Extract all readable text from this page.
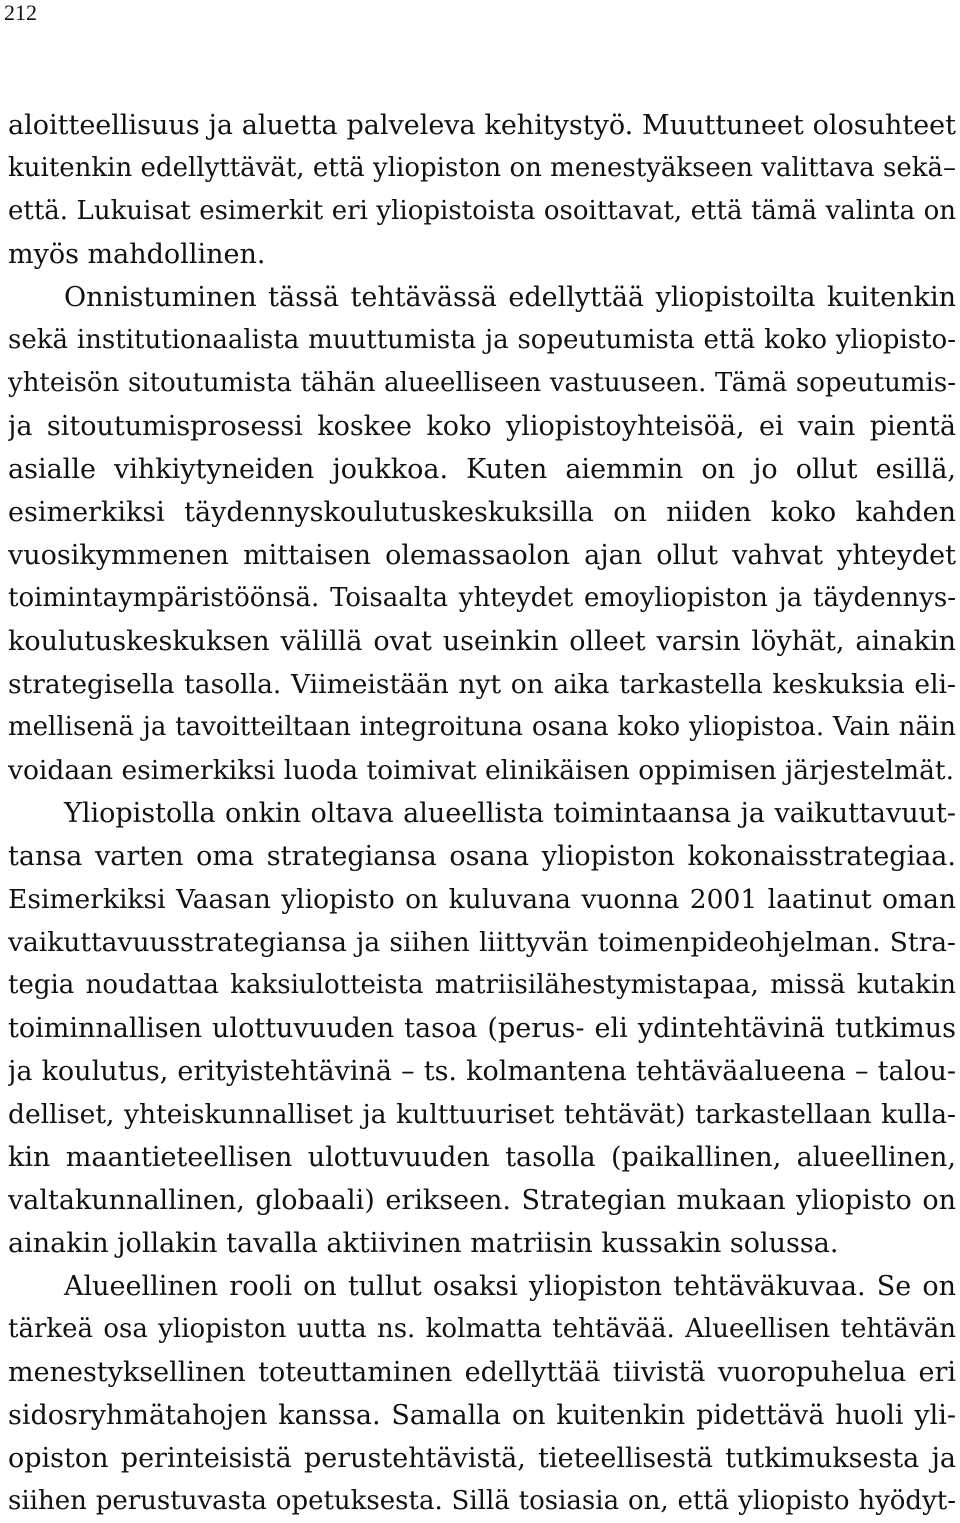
212
aloitteellisuus ja aluetta palveleva kehitystyö. Muuttuneet olosuhteet
kuitenkin edellyttävät, että yliopiston on menestyäkseen valittava sekä–
että. Lukuisat esimerkit eri yliopistoista osoittavat, että tämä valinta on
myös mahdollinen.
Onnistuminen tässä tehtävässä edellyttää yliopistoilta kuitenkin
sekä institutionaalista muuttumista ja sopeutumista että koko yliopisto-
yhteisön sitoutumista tähän alueelliseen vastuuseen. Tämä sopeutumis-
ja sitoutumisprosessi koskee koko yliopistoyhteisöä, ei vain pientä
asialle vihkiytyneiden joukkoa. Kuten aiemmin on jo ollut esillä,
esimerkiksi täydennyskoulutuskeskuksilla on niiden koko kahden
vuosikymmenen mittaisen olemassaolon ajan ollut vahvat yhteydet
toimintaympäristöönsä. Toisaalta yhteydet emoyliopiston ja täydennys-
koulutuskeskuksen välillä ovat useinkin olleet varsin löyhät, ainakin
strategisella tasolla. Viimeistään nyt on aika tarkastella keskuksia eli-
mellisenä ja tavoitteiltaan integroituna osana koko yliopistoa. Vain näin
voidaan esimerkiksi luoda toimivat elinikäisen oppimisen järjestelmät.
Yliopistolla onkin oltava alueellista toimintaansa ja vaikuttavuut-
tansa varten oma strategiansa osana yliopiston kokonaisstrategiaa.
Esimerkiksi Vaasan yliopisto on kuluvana vuonna 2001 laatinut oman
vaikuttavuusstrategiansa ja siihen liittyvän toimenpideohjelman. Stra-
tegia noudattaa kaksiulotteista matriisilähestymistapaa, missä kutakin
toiminnallisen ulottuvuuden tasoa (perus- eli ydintehtävinä tutkimus
ja koulutus, erityistehtävinä – ts. kolmantena tehtäväalueena – talou-
delliset, yhteiskunnalliset ja kulttuuriset tehtävät) tarkastellaan kulla-
kin maantieteellisen ulottuvuuden tasolla (paikallinen, alueellinen,
valtakunnallinen, globaali) erikseen. Strategian mukaan yliopisto on
ainakin jollakin tavalla aktiivinen matriisin kussakin solussa.
Alueellinen rooli on tullut osaksi yliopiston tehtäväkuvaa. Se on
tärkeä osa yliopiston uutta ns. kolmatta tehtävää. Alueellisen tehtävän
menestyksellinen toteuttaminen edellyttää tiivistä vuoropuhelua eri
sidosryhmätahojen kanssa. Samalla on kuitenkin pidettävä huoli yli-
opiston perinteisistä perustehtävistä, tieteellisestä tutkimuksesta ja
siihen perustuvasta opetuksesta. Sillä tosiasia on, että yliopisto hyödyt-
